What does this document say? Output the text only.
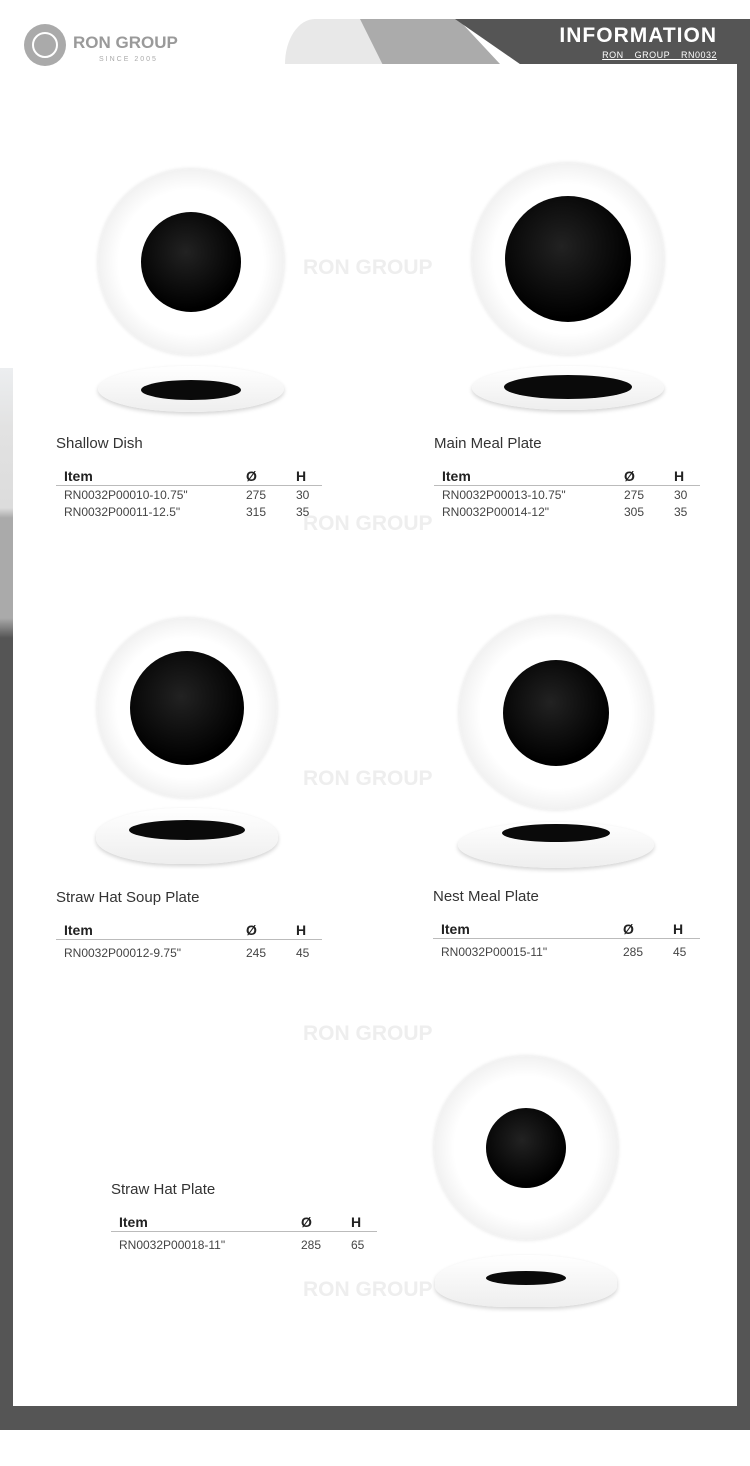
RON GROUP
SINCE 2005
INFORMATION
RON GROUP RN0032
RON GROUP
RON GROUP
RON GROUP
RON GROUP
RON GROUP
Shallow Dish
Item	Ø	H
RN0032P00010-10.75"	275 30
RN0032P00011-12.5"	315 35
Main Meal Plate
Item	Ø	H
RN0032P00013-10.75"	275 30
RN0032P00014-12"	305 35
Straw Hat Soup Plate
Item	Ø	H
RN0032P00012-9.75"	245 45
Nest Meal Plate
Item	Ø	H
RN0032P00015-11"	285 45
Straw Hat Plate
Item	Ø	H
RN0032P00018-11"	285 65
